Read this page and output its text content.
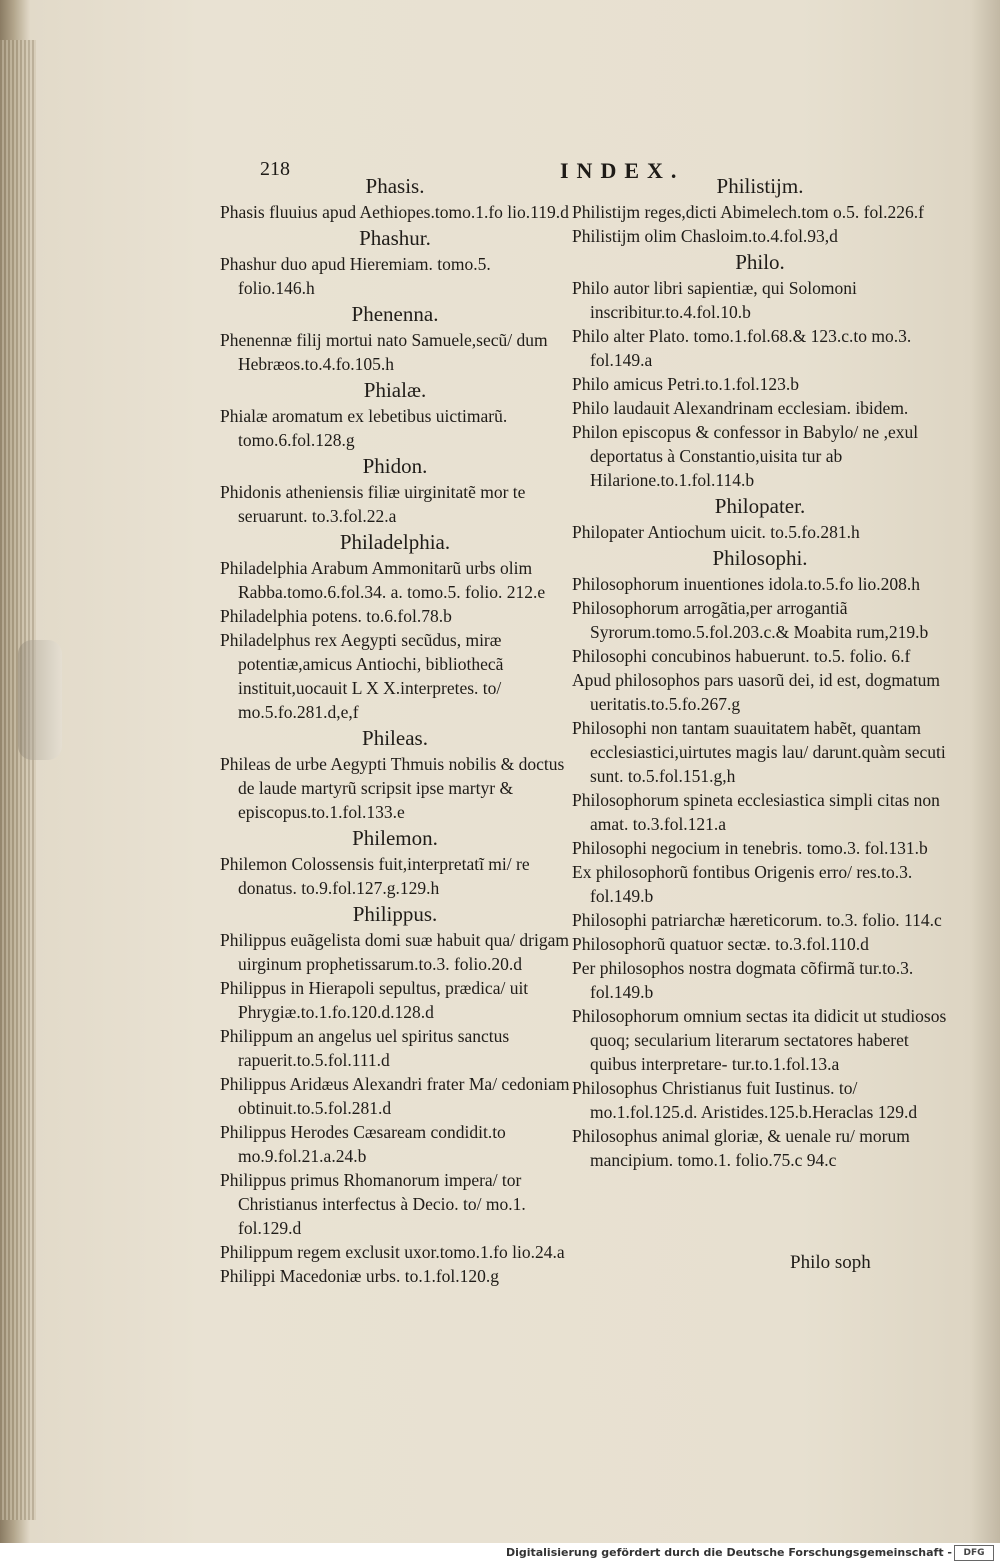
218	INDEX.
Phasis.
Phasis fluuius apud Aethiopes.tomo.1.fo lio.119.d
Phashur.
Phashur duo apud Hieremiam. tomo.5. folio.146.h
Phenenna.
Phenennæ filij mortui nato Samuele,secũ/ dum Hebræos.to.4.fo.105.h
Phialæ.
Phialæ aromatum ex lebetibus uictimarũ. tomo.6.fol.128.g
Phidon.
Phidonis atheniensis filiæ uirginitatẽ mor te seruarunt. to.3.fol.22.a
Philadelphia.
Philadelphia Arabum Ammonitarũ urbs olim Rabba.tomo.6.fol.34. a. tomo.5. folio. 212.e
Philadelphia potens. to.6.fol.78.b
Philadelphus rex Aegypti secũdus, miræ potentiæ,amicus Antiochi, bibliothecã instituit,uocauit L X X.interpretes. to/ mo.5.fo.281.d,e,f
Phileas.
Phileas de urbe Aegypti Thmuis nobilis & doctus de laude martyrũ scripsit ipse martyr & episcopus.to.1.fol.133.e
Philemon.
Philemon Colossensis fuit,interpretatĩ mi/ re donatus. to.9.fol.127.g.129.h
Philippus.
Philippus euãgelista domi suæ habuit qua/ drigam uirginum prophetissarum.to.3. folio.20.d
Philippus in Hierapoli sepultus, prædica/ uit Phrygiæ.to.1.fo.120.d.128.d
Philippum an angelus uel spiritus sanctus rapuerit.to.5.fol.111.d
Philippus Aridæus Alexandri frater Ma/ cedoniam obtinuit.to.5.fol.281.d
Philippus Herodes Cæsaream condidit.to mo.9.fol.21.a.24.b
Philippus primus Rhomanorum impera/ tor Christianus interfectus à Decio. to/ mo.1. fol.129.d
Philippum regem exclusit uxor.tomo.1.fo lio.24.a
Philippi Macedoniæ urbs. to.1.fol.120.g
Philistijm.
Philistijm reges,dicti Abimelech.tom o.5. fol.226.f
Philistijm olim Chasloim.to.4.fol.93,d
Philo.
Philo autor libri sapientiæ, qui Solomoni inscribitur.to.4.fol.10.b
Philo alter Plato. tomo.1.fol.68.& 123.c.to mo.3. fol.149.a
Philo amicus Petri.to.1.fol.123.b
Philo laudauit Alexandrinam ecclesiam. ibidem.
Philon episcopus & confessor in Babylo/ ne ,exul deportatus à Constantio,uisita tur ab Hilarione.to.1.fol.114.b
Philopater.
Philopater Antiochum uicit. to.5.fo.281.h
Philosophi.
Philosophorum inuentiones idola.to.5.fo lio.208.h
Philosophorum arrogãtia,per arrogantiã Syrorum.tomo.5.fol.203.c.& Moabita rum,219.b
Philosophi concubinos habuerunt. to.5. folio. 6.f
Apud philosophos pars uasorũ dei, id est, dogmatum ueritatis.to.5.fo.267.g
Philosophi non tantam suauitatem habẽt, quantam ecclesiastici,uirtutes magis lau/ darunt.quàm secuti sunt. to.5.fol.151.g,h
Philosophorum spineta ecclesiastica simpli citas non amat. to.3.fol.121.a
Philosophi negocium in tenebris. tomo.3. fol.131.b
Ex philosophorũ fontibus Origenis erro/ res.to.3. fol.149.b
Philosophi patriarchæ hæreticorum. to.3. folio. 114.c
Philosophorũ quatuor sectæ. to.3.fol.110.d
Per philosophos nostra dogmata cõfirmã tur.to.3. fol.149.b
Philosophorum omnium sectas ita didicit ut studiosos quoq; secularium literarum sectatores haberet quibus interpretare- tur.to.1.fol.13.a
Philosophus Christianus fuit Iustinus. to/ mo.1.fol.125.d. Aristides.125.b.Heraclas 129.d
Philosophus animal gloriæ, & uenale ru/ morum mancipium. tomo.1. folio.75.c 94.c
Philo soph
Digitalisierung gefördert durch die Deutsche Forschungsgemeinschaft -	DFG
